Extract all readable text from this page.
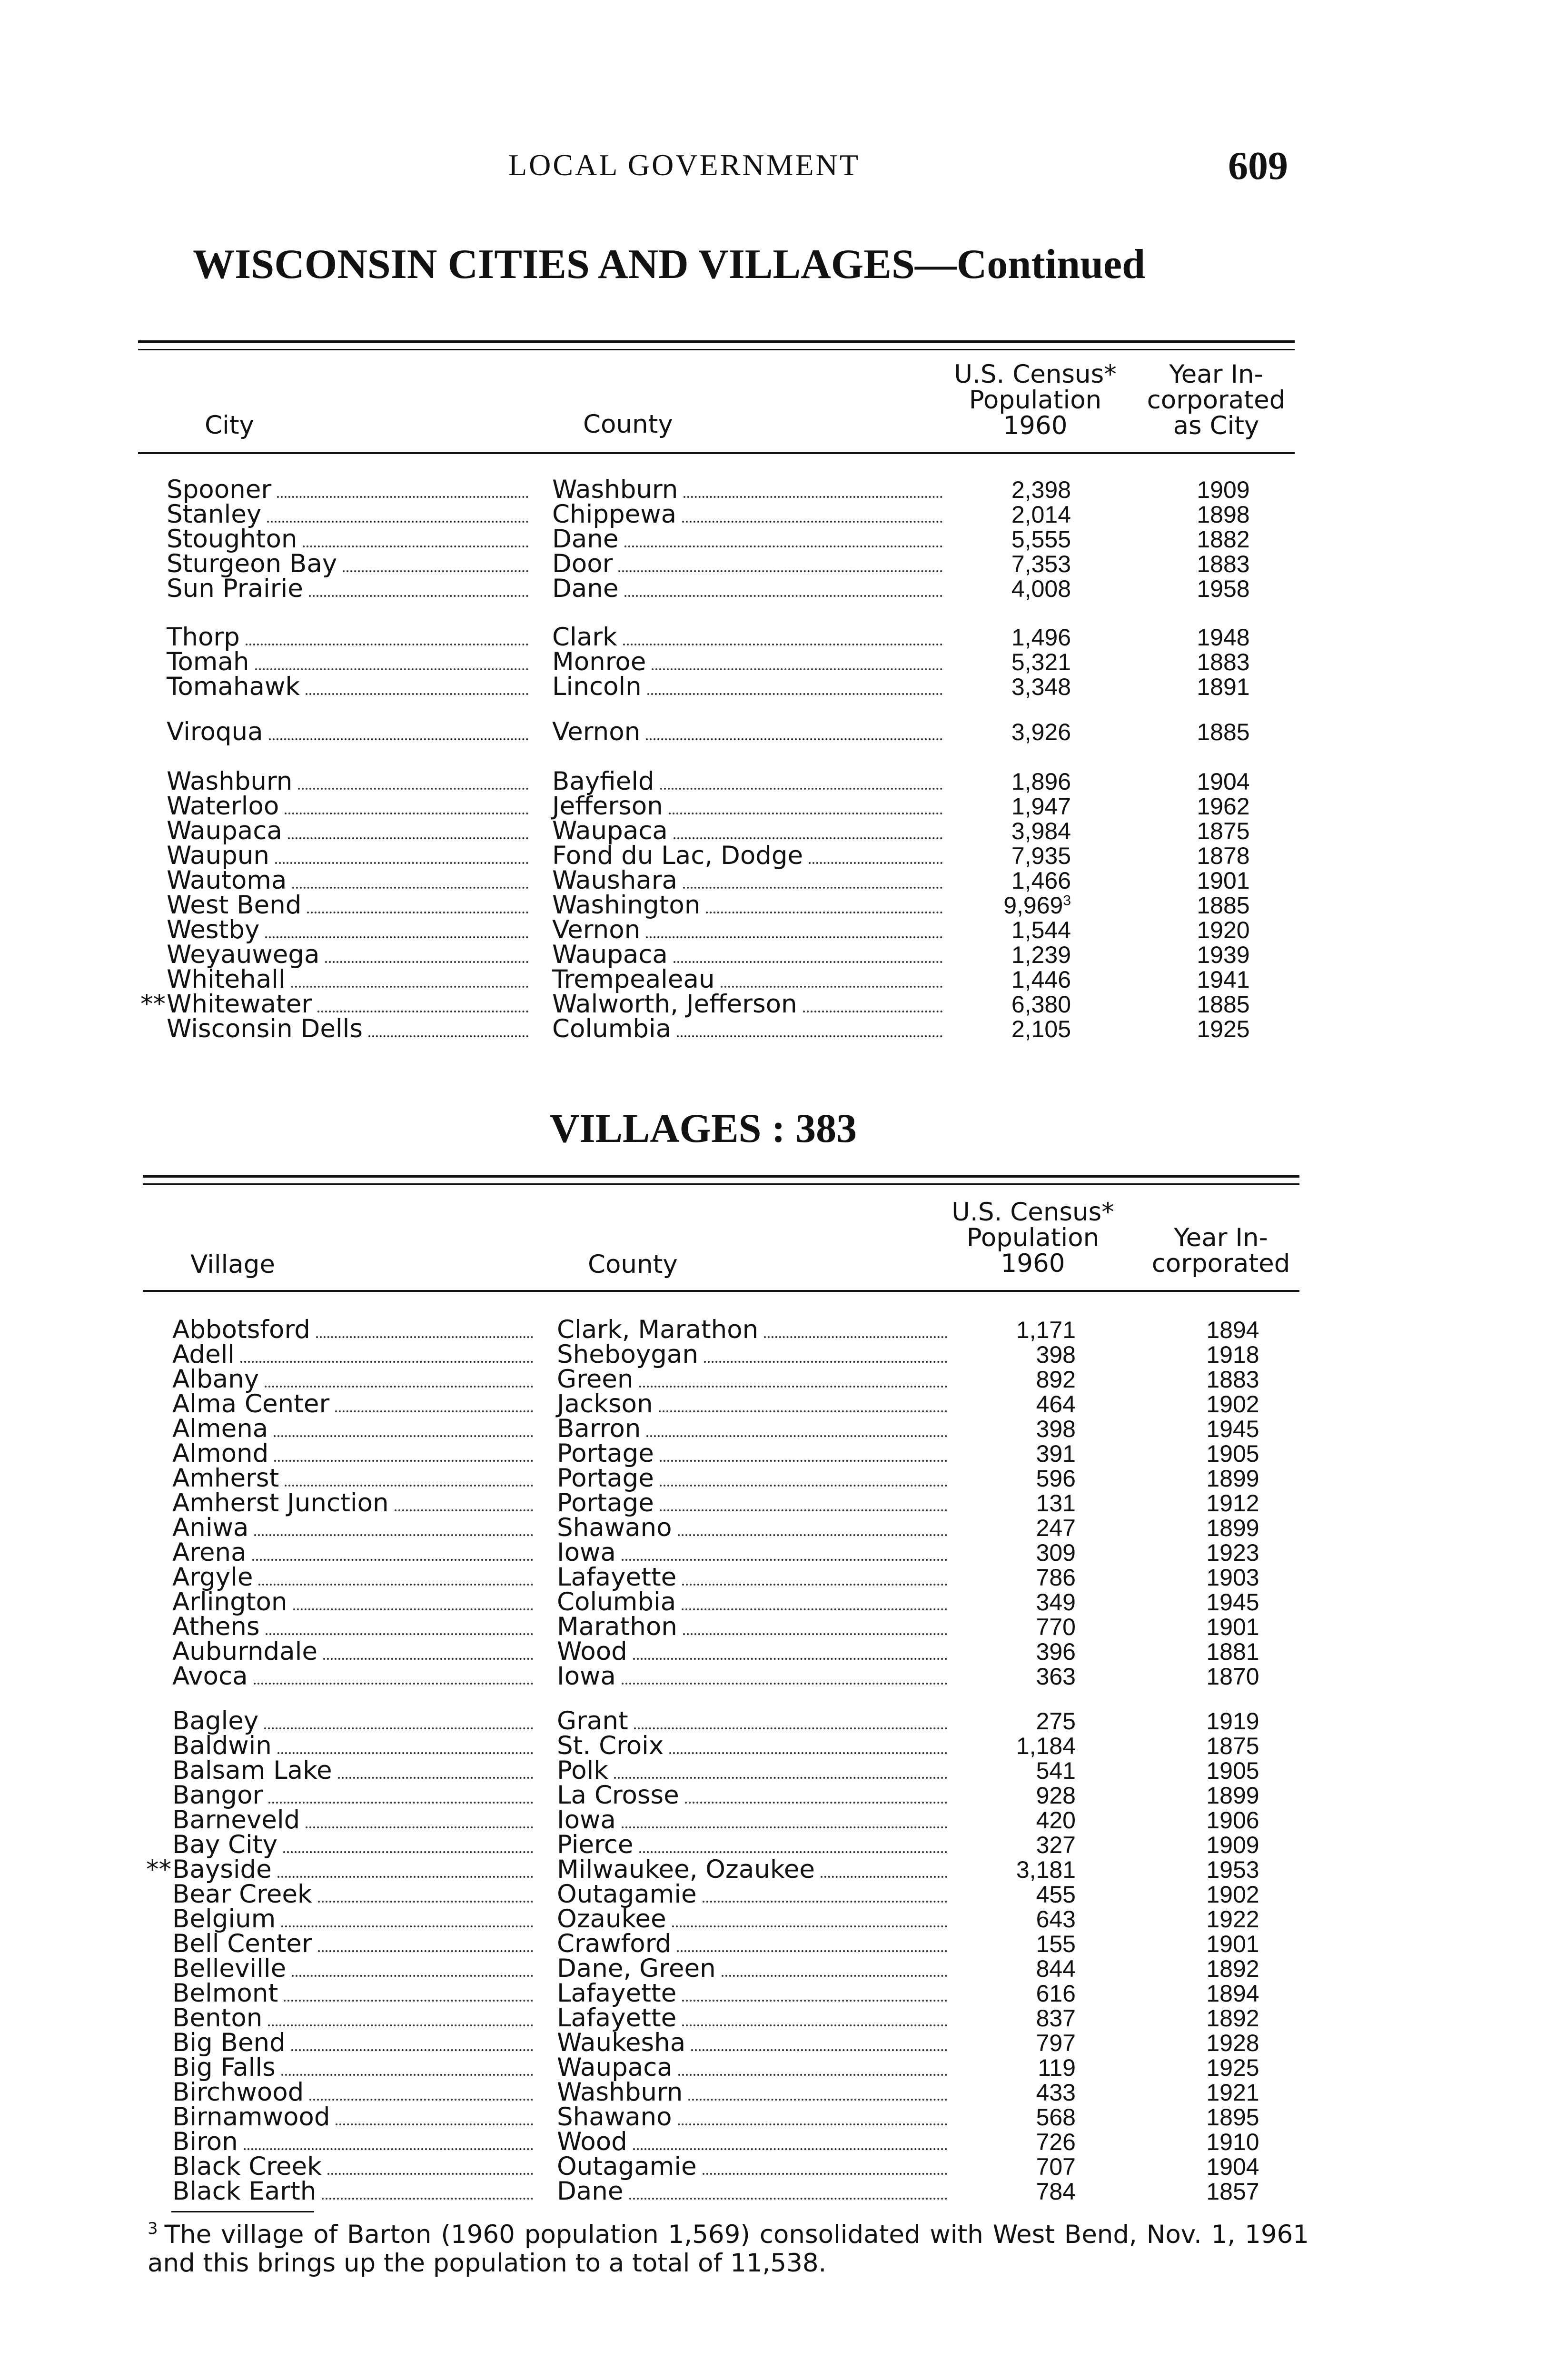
LOCAL GOVERNMENT	609
WISCONSIN CITIES AND VILLAGES—Continued
City	County
U.S. Census*
Population
1960
Year In-
corporated
as City
Spooner	Washburn	2,398	1909
Stanley	Chippewa	2,014	1898
Stoughton	Dane	5,555	1882
Sturgeon Bay	Door	7,353	1883
Sun Prairie	Dane	4,008	1958
Thorp	Clark	1,496	1948
Tomah	Monroe	5,321	1883
Tomahawk	Lincoln	3,348	1891
Viroqua	Vernon	3,926	1885
Washburn	Bayfield	1,896	1904
Waterloo	Jefferson	1,947	1962
Waupaca	Waupaca	3,984	1875
Waupun	Fond du Lac, Dodge	7,935	1878
Wautoma	Waushara	1,466	1901
West Bend	Washington	9,969$^3$	1885
Westby	Vernon	1,544	1920
Weyauwega	Waupaca	1,239	1939
Whitehall	Trempealeau	1,446	1941
** Whitewater	Walworth, Jefferson	6,380	1885
Wisconsin Dells	Columbia	2,105	1925
VILLAGES : 383
Village	County
U.S. Census*
Population
1960
Year In-
corporated
Abbotsford	Clark, Marathon	1,171	1894
Adell	Sheboygan	398	1918
Albany	Green	892	1883
Alma Center	Jackson	464	1902
Almena	Barron	398	1945
Almond	Portage	391	1905
Amherst	Portage	596	1899
Amherst Junction	Portage	131	1912
Aniwa	Shawano	247	1899
Arena	Iowa	309	1923
Argyle	Lafayette	786	1903
Arlington	Columbia	349	1945
Athens	Marathon	770	1901
Auburndale	Wood	396	1881
Avoca	Iowa	363	1870
Bagley	Grant	275	1919
Baldwin	St. Croix	1,184	1875
Balsam Lake	Polk	541	1905
Bangor	La Crosse	928	1899
Barneveld	Iowa	420	1906
Bay City	Pierce	327	1909
** Bayside	Milwaukee, Ozaukee	3,181	1953
Bear Creek	Outagamie	455	1902
Belgium	Ozaukee	643	1922
Bell Center	Crawford	155	1901
Belleville	Dane, Green	844	1892
Belmont	Lafayette	616	1894
Benton	Lafayette	837	1892
Big Bend	Waukesha	797	1928
Big Falls	Waupaca	119	1925
Birchwood	Washburn	433	1921
Birnamwood	Shawano	568	1895
Biron	Wood	726	1910
Black Creek	Outagamie	707	1904
Black Earth	Dane	784	1857
$^3$ The village of Barton (1960 population 1,569) consolidated with West Bend, Nov. 1, 1961 and this brings up the population to a total of 11,538.
